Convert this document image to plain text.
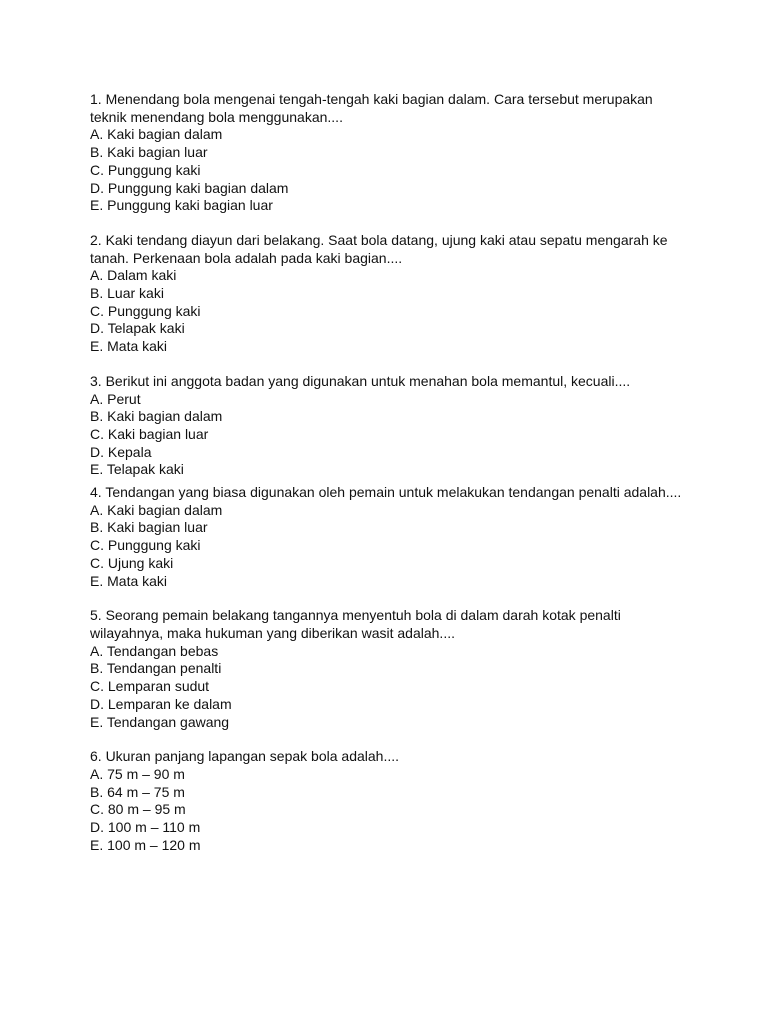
1. Menendang bola mengenai tengah-tengah kaki bagian dalam. Cara tersebut merupakan
teknik menendang bola menggunakan....
A. Kaki bagian dalam
B. Kaki bagian luar
C. Punggung kaki
D. Punggung kaki bagian dalam
E. Punggung kaki bagian luar
2. Kaki tendang diayun dari belakang. Saat bola datang, ujung kaki atau sepatu mengarah ke
tanah. Perkenaan bola adalah pada kaki bagian....
A. Dalam kaki
B. Luar kaki
C. Punggung kaki
D. Telapak kaki
E. Mata kaki
3. Berikut ini anggota badan yang digunakan untuk menahan bola memantul, kecuali....
A. Perut
B. Kaki bagian dalam
C. Kaki bagian luar
D. Kepala
E. Telapak kaki
4. Tendangan yang biasa digunakan oleh pemain untuk melakukan tendangan penalti adalah....
A. Kaki bagian dalam
B. Kaki bagian luar
C. Punggung kaki
C. Ujung kaki
E. Mata kaki
5. Seorang pemain belakang tangannya menyentuh bola di dalam darah kotak penalti
wilayahnya, maka hukuman yang diberikan wasit adalah....
A. Tendangan bebas
B. Tendangan penalti
C. Lemparan sudut
D. Lemparan ke dalam
E. Tendangan gawang
6. Ukuran panjang lapangan sepak bola adalah....
A. 75 m – 90 m
B. 64 m – 75 m
C. 80 m – 95 m
D. 100 m – 110 m
E. 100 m – 120 m
